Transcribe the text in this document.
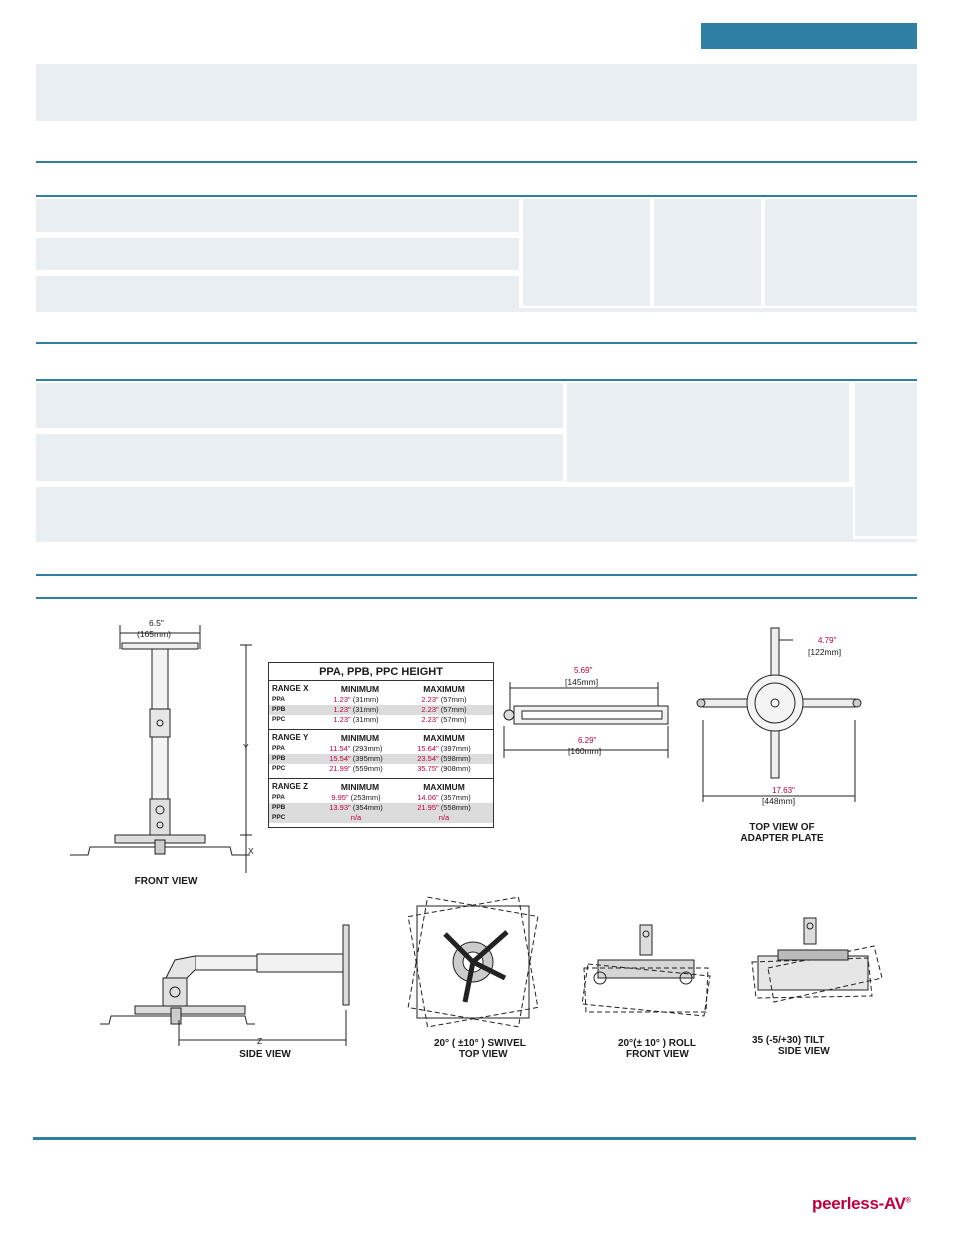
6.5"
(165mm)
Y
X
FRONT VIEW
PPA, PPB, PPC HEIGHT
RANGE X	MINIMUM	MAXIMUM
PPA	1.23" (31mm)	2.23" (57mm)
PPB	1.23" (31mm)	2.23" (57mm)
PPC	1.23" (31mm)	2.23" (57mm)
RANGE Y	MINIMUM	MAXIMUM
PPA	11.54" (293mm)	15.64" (397mm)
PPB	15.54" (395mm)	23.54" (598mm)
PPC	21.99" (559mm)	35.75" (908mm)
RANGE Z	MINIMUM	MAXIMUM
PPA	9.95" (253mm)	14.06" (357mm)
PPB	13.93" (354mm)	21.95" (558mm)
PPC	n/a	n/a
5.69"
[145mm]
6.29"
[160mm]
4.79"
[122mm]
17.63"
[448mm]
TOP VIEW OF
ADAPTER PLATE
Z
SIDE VIEW
20° ( ±10° ) SWIVEL
TOP VIEW
20°(± 10° ) ROLL
FRONT VIEW
35 (-5/+30) TILT
SIDE VIEW
peerless-AV®
